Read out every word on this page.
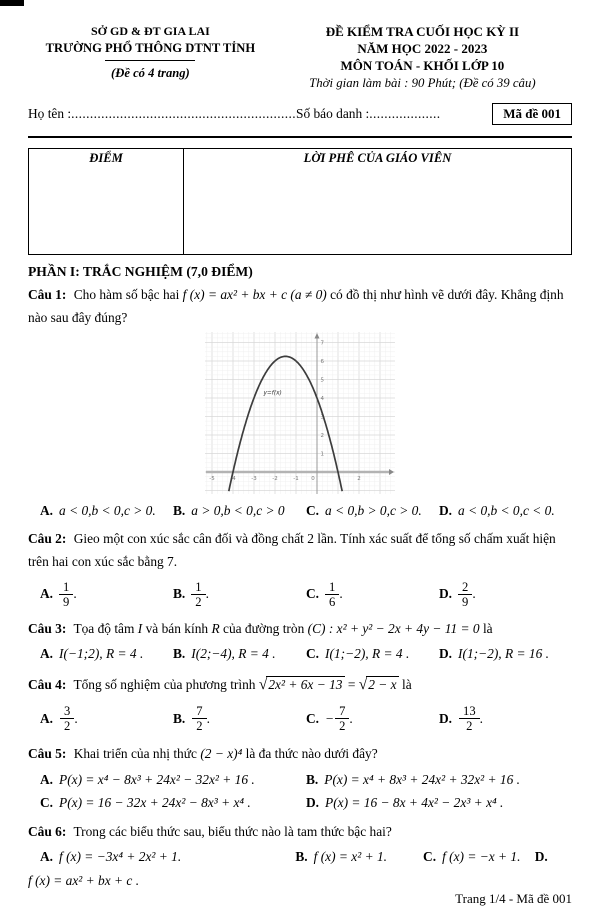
SỞ GD & ĐT GIA LAI
TRƯỜNG PHỔ THÔNG DTNT TỈNH
(Đề có 4 trang)
ĐỀ KIỂM TRA CUỐI HỌC KỲ II
NĂM HỌC 2022 - 2023
MÔN TOÁN - KHỐI LỚP 10
Thời gian làm bài : 90 Phút; (Đề có 39 câu)
Họ tên : ............................................................ Số báo danh : ...................	Mã đề 001
ĐIỂM	LỜI PHÊ CỦA GIÁO VIÊN
PHẦN I: TRẮC NGHIỆM (7,0 ĐIỂM)

Câu 1: Cho hàm số bậc hai f (x) = ax² + bx + c (a ≠ 0) có đồ thị như hình vẽ dưới đây. Khẳng định nào sau đây đúng?

-5	-4	-3	-2	-1 0	2
1
2
3
4
5
6
7
y=f(x)
A. a < 0,b < 0,c > 0.	B. a > 0,b < 0,c > 0	C. a < 0,b > 0,c > 0.	D. a < 0,b < 0,c < 0.

Câu 2: Gieo một con xúc sắc cân đối và đồng chất 2 lần. Tính xác suất để tổng số chấm xuất hiện trên hai con xúc sắc bằng 7.

A. $\frac{1}{9}$ .	B. $\frac{1}{2}$ .	C. $\frac{1}{6}$ .	D. $\frac{2}{9}$ .

Câu 3: Tọa độ tâm I và bán kính R của đường tròn (C) : x² + y² − 2x + 4y − 11 = 0 là

A. I(−1;2), R = 4 .	B. I(2;−4), R = 4 .	C. I(1;−2), R = 4 .	D. I(1;−2), R = 16 .

Câu 4: Tổng số nghiệm của phương trình √2x² + 6x − 13 = √2 − x là

A. $\frac{3}{2}$ .	B. $\frac{7}{2}$ .	C. − $\frac{7}{2}$ .	D. $\frac{13}{2}$ .

Câu 5: Khai triển của nhị thức (2 − x)⁴ là đa thức nào dưới đây?

A. P(x) = x⁴ − 8x³ + 24x² − 32x² + 16 .	B. P(x) = x⁴ + 8x³ + 24x² + 32x² + 16 .
C. P(x) = 16 − 32x + 24x² − 8x³ + x⁴ .	D. P(x) = 16 − 8x + 4x² − 2x³ + x⁴ .

Câu 6: Trong các biểu thức sau, biểu thức nào là tam thức bậc hai?

A. f (x) = −3x⁴ + 2x² + 1.	B. f (x) = x² + 1.	C. f (x) = −x + 1.	D.

f (x) = ax² + bx + c .

Trang 1/4 - Mã đề 001
